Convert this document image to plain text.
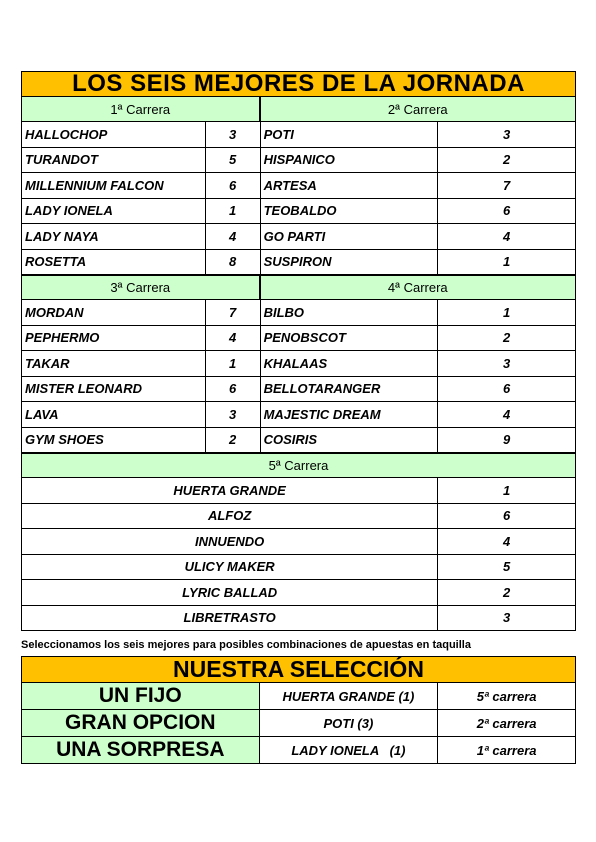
LOS SEIS MEJORES DE LA JORNADA
1ª Carrera	2ª Carrera
HALLOCHOP	3	POTI	3
TURANDOT	5	HISPANICO	2
MILLENNIUM FALCON	6	ARTESA	7
LADY IONELA	1	TEOBALDO	6
LADY NAYA	4	GO PARTI	4
ROSETTA	8	SUSPIRON	1
3ª Carrera	4ª Carrera
MORDAN	7	BILBO	1
PEPHERMO	4	PENOBSCOT	2
TAKAR	1	KHALAAS	3
MISTER LEONARD	6	BELLOTARANGER	6
LAVA	3	MAJESTIC DREAM	4
GYM SHOES	2	COSIRIS	9
5ª Carrera
HUERTA GRANDE	1
ALFOZ	6
INNUENDO	4
ULICY MAKER	5
LYRIC BALLAD	2
LIBRETRASTO	3
Seleccionamos los seis mejores para posibles combinaciones de apuestas en taquilla
NUESTRA SELECCIÓN
UN FIJO	HUERTA GRANDE (1)	5ª carrera
GRAN OPCION	POTI (3)	2ª carrera
UNA SORPRESA	LADY IONELA   (1)	1ª carrera
